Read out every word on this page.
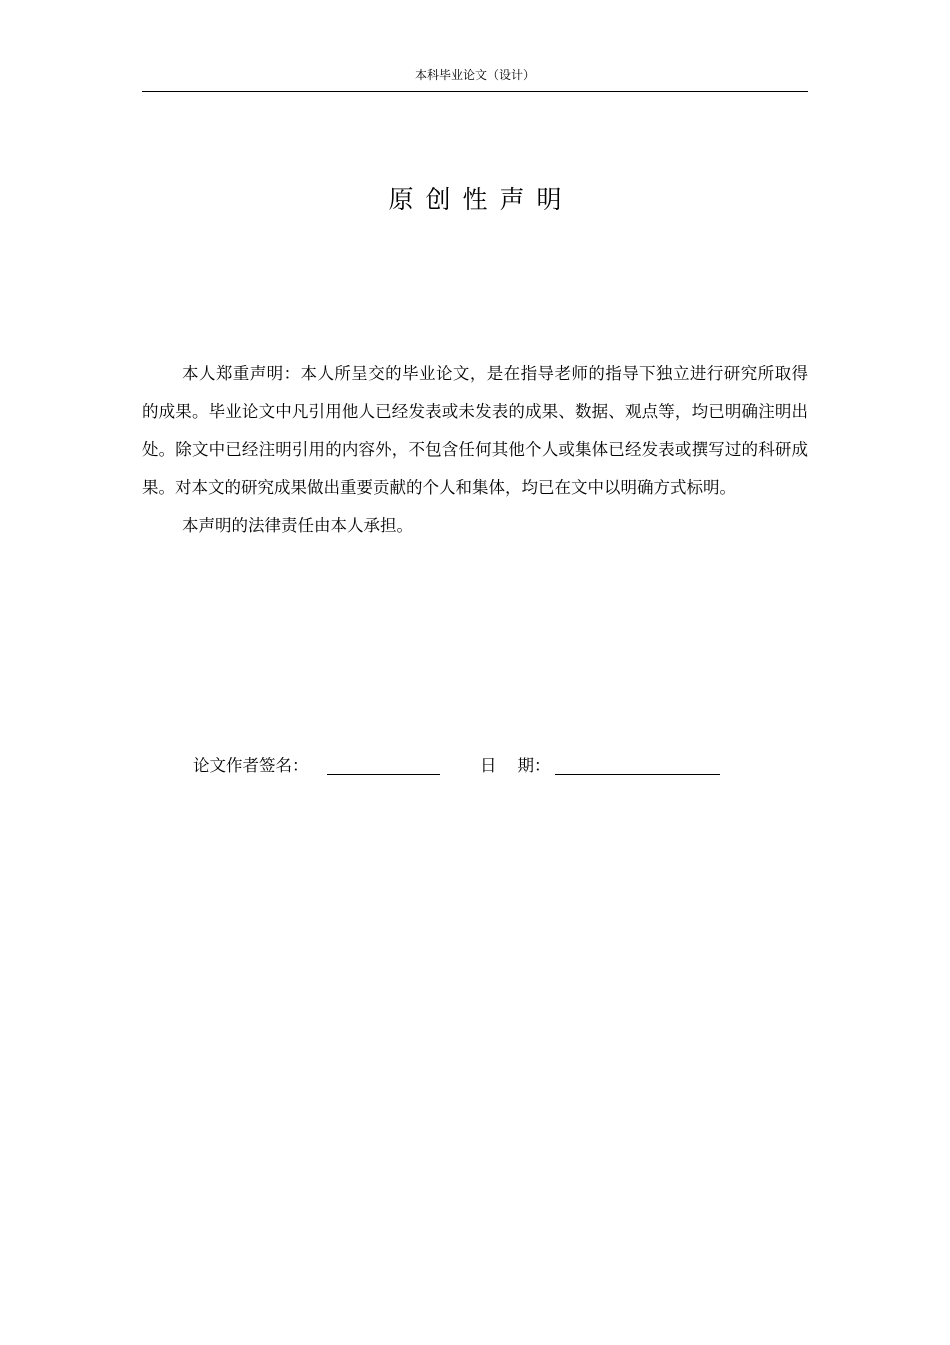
本科毕业论文（设计）
原创性声明

本人郑重声明：本人所呈交的毕业论文，是在指导老师的指导下独立进行研究所取得的成果。毕业论文中凡引用他人已经发表或未发表的成果、数据、观点等，均已明确注明出处。除文中已经注明引用的内容外，不包含任何其他个人或集体已经发表或撰写过的科研成果。对本文的研究成果做出重要贡献的个人和集体，均已在文中以明确方式标明。

本声明的法律责任由本人承担。

论文作者签名：	日    期：
